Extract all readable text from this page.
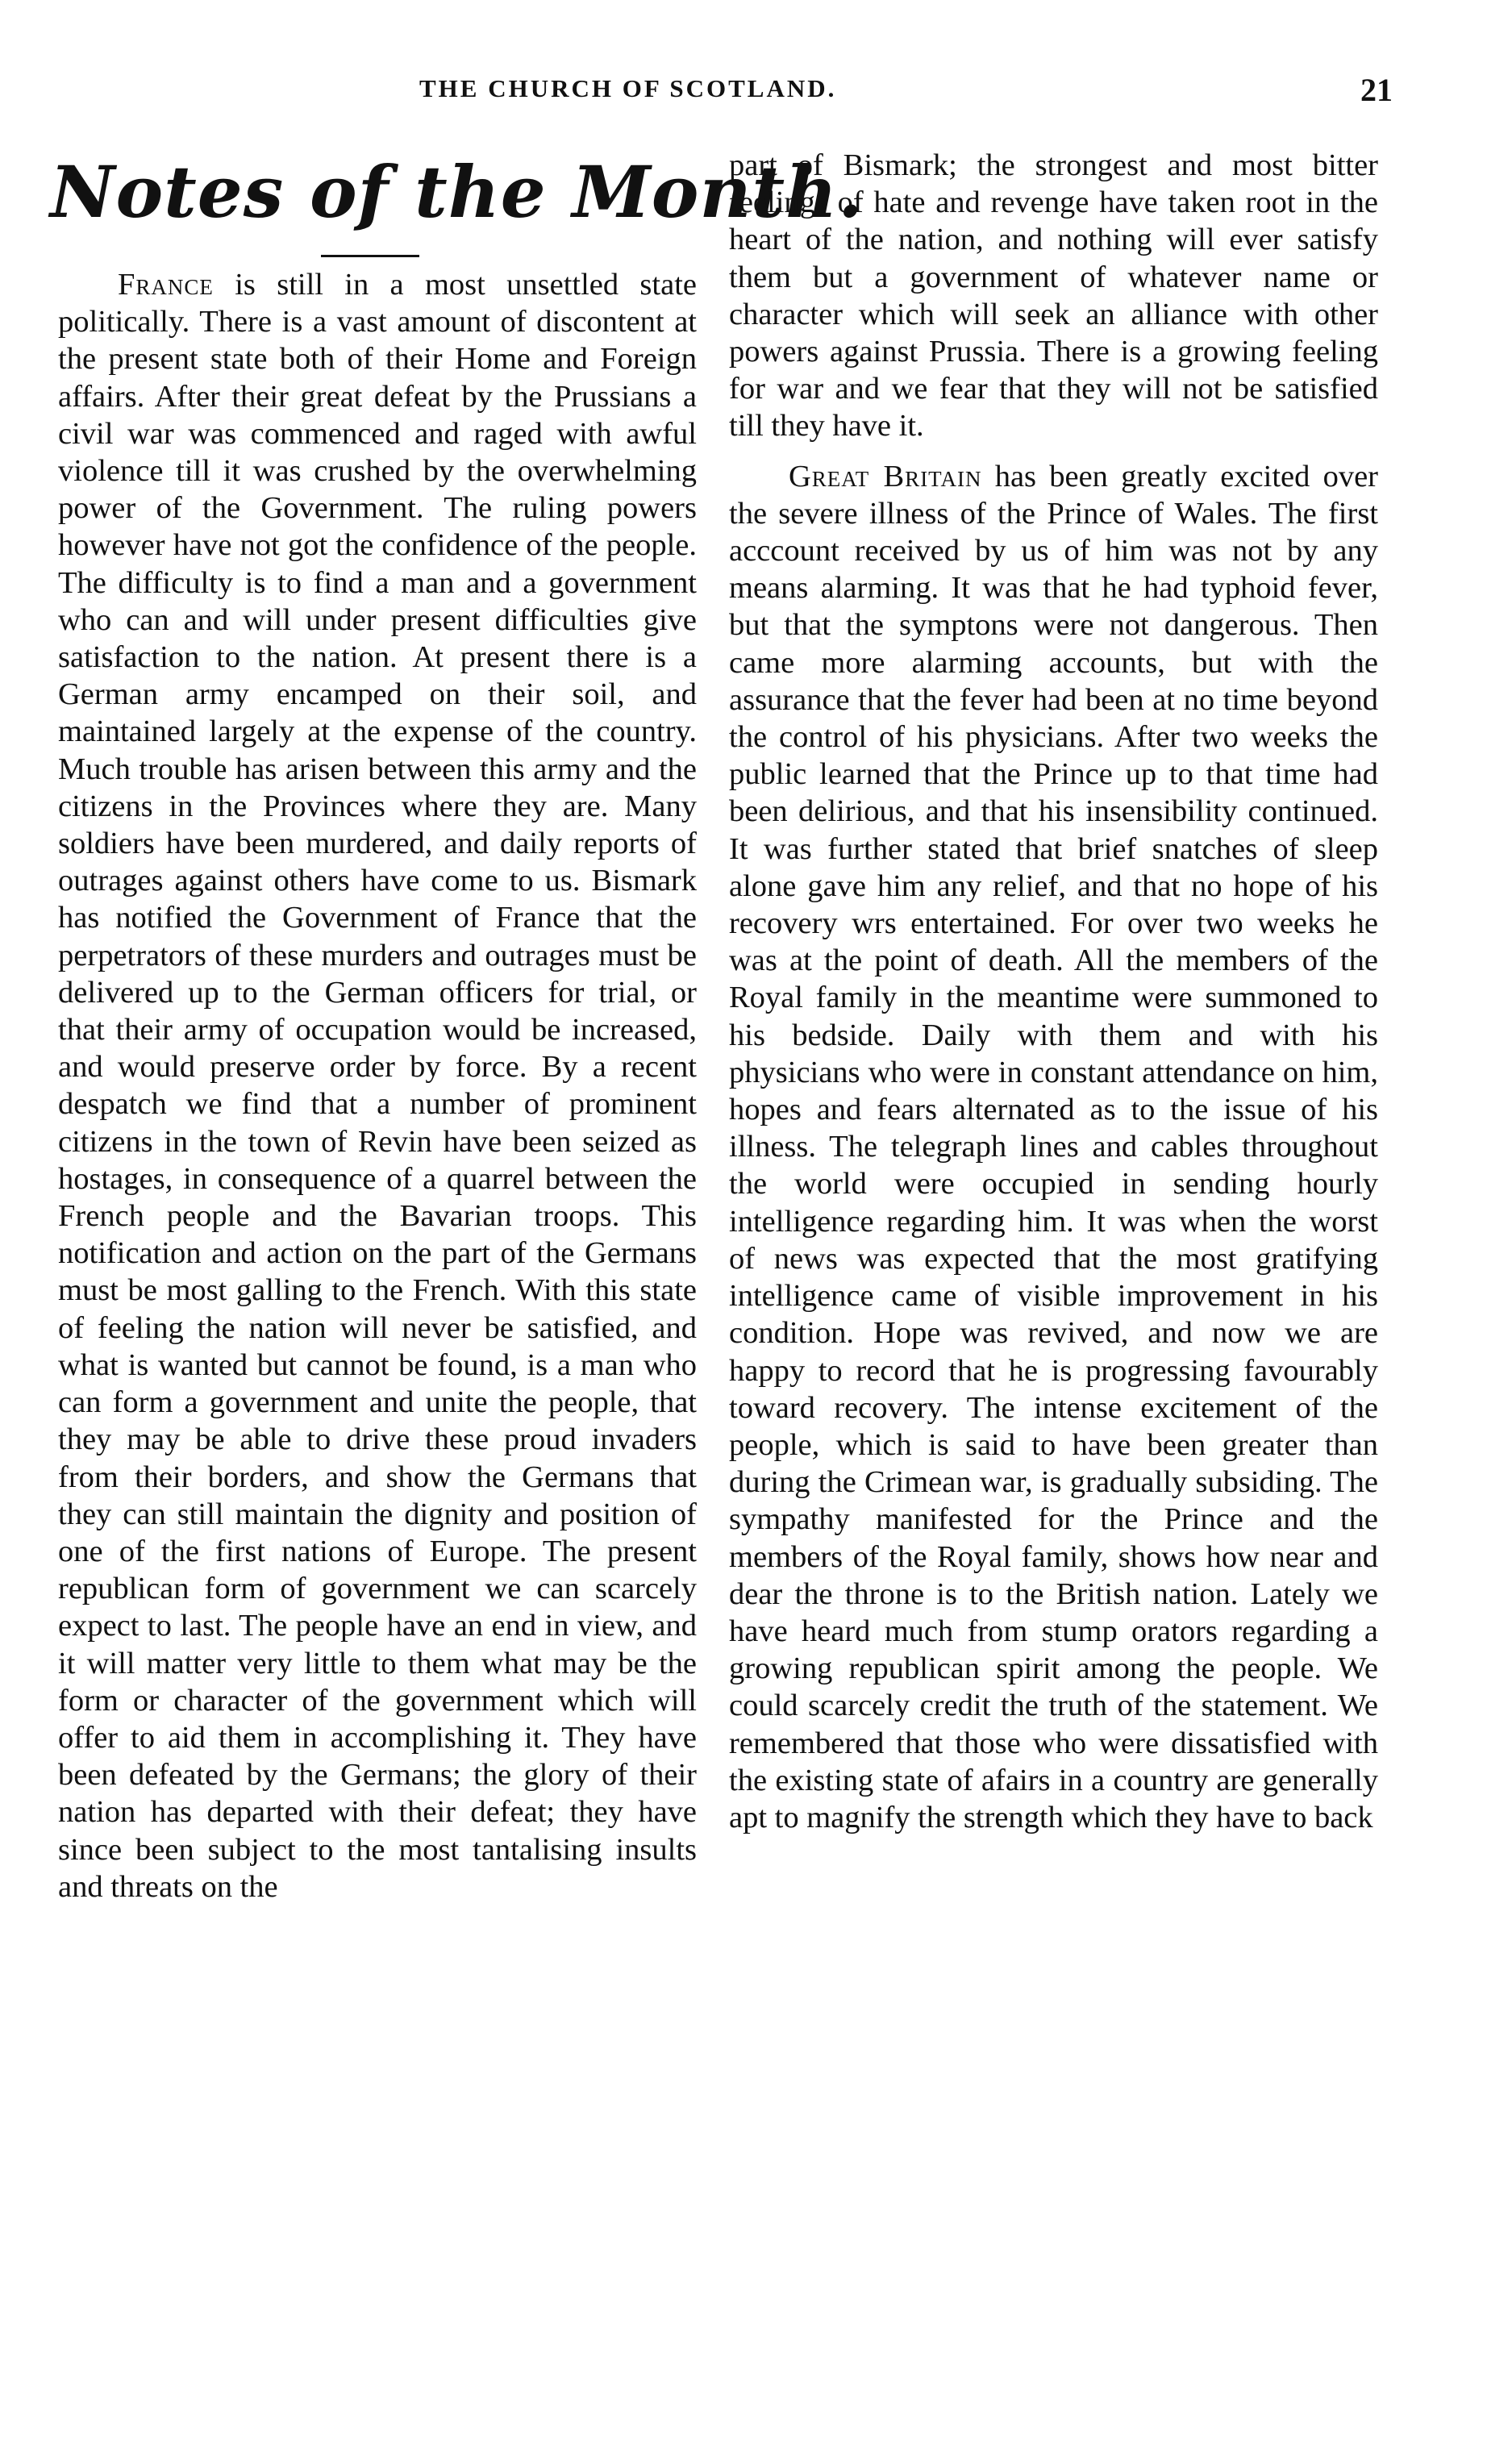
THE CHURCH OF SCOTLAND.	21
Notes of the Month.

France is still in a most unsettled state politically. There is a vast amount of discontent at the present state both of their Home and Foreign affairs. After their great defeat by the Prussians a civil war was commenced and raged with awful violence till it was crushed by the overwhelming power of the Government. The ruling powers however have not got the confidence of the people. The difficulty is to find a man and a government who can and will under present difficulties give satisfaction to the nation. At present there is a German army encamped on their soil, and maintained largely at the expense of the country. Much trouble has arisen between this army and the citizens in the Provinces where they are. Many soldiers have been murdered, and daily reports of outrages against others have come to us. Bismark has notified the Government of France that the perpetrators of these murders and outrages must be delivered up to the German officers for trial, or that their army of occupation would be increased, and would preserve order by force. By a recent despatch we find that a number of prominent citizens in the town of Revin have been seized as hostages, in consequence of a quarrel between the French people and the Bavarian troops. This notification and action on the part of the Germans must be most galling to the French. With this state of feeling the nation will never be satisfied, and what is wanted but cannot be found, is a man who can form a government and unite the people, that they may be able to drive these proud invaders from their borders, and show the Germans that they can still maintain the dignity and position of one of the first nations of Europe. The present republican form of government we can scarcely expect to last. The people have an end in view, and it will matter very little to them what may be the form or character of the government which will offer to aid them in accomplishing it. They have been defeated by the Germans; the glory of their nation has departed with their defeat; they have since been subject to the most tantalising insults and threats on the

part of Bismark; the strongest and most bitter feelings of hate and revenge have taken root in the heart of the nation, and nothing will ever satisfy them but a government of whatever name or character which will seek an alliance with other powers against Prussia. There is a growing feeling for war and we fear that they will not be satisfied till they have it.

Great Britain has been greatly excited over the severe illness of the Prince of Wales. The first acccount received by us of him was not by any means alarming. It was that he had typhoid fever, but that the symptons were not dangerous. Then came more alarming accounts, but with the assurance that the fever had been at no time beyond the control of his physicians. After two weeks the public learned that the Prince up to that time had been delirious, and that his insensibility continued. It was further stated that brief snatches of sleep alone gave him any relief, and that no hope of his recovery wrs entertained. For over two weeks he was at the point of death. All the members of the Royal family in the meantime were summoned to his bedside. Daily with them and with his physicians who were in constant attendance on him, hopes and fears alternated as to the issue of his illness. The telegraph lines and cables throughout the world were occupied in sending hourly intelligence regarding him. It was when the worst of news was expected that the most gratifying intelligence came of visible improvement in his condition. Hope was revived, and now we are happy to record that he is progressing favourably toward recovery. The intense excitement of the people, which is said to have been greater than during the Crimean war, is gradually subsiding. The sympathy manifested for the Prince and the members of the Royal family, shows how near and dear the throne is to the British nation. Lately we have heard much from stump orators regarding a growing republican spirit among the people. We could scarcely credit the truth of the statement. We remembered that those who were dissatisfied with the existing state of afairs in a country are generally apt to magnify the strength which they have to back
